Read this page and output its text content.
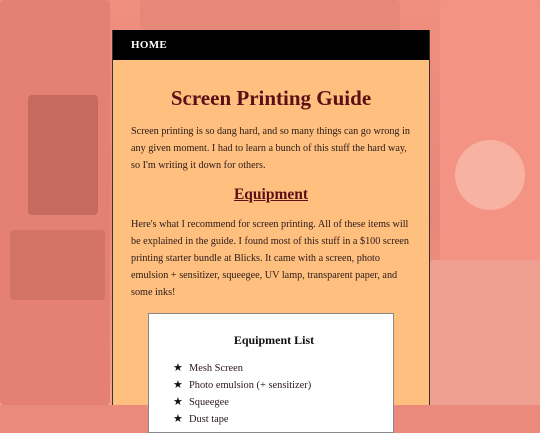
HOME
Screen Printing Guide

Screen printing is so dang hard, and so many things can go wrong in any given moment. I had to learn a bunch of this stuff the hard way, so I'm writing it down for others.

Equipment

Here's what I recommend for screen printing. All of these items will be explained in the guide. I found most of this stuff in a $100 screen printing starter bundle at Blicks. It came with a screen, photo emulsion + sensitizer, squeegee, UV lamp, transparent paper, and some inks!

Equipment List
★ Mesh Screen
★ Photo emulsion (+ sensitizer)
★ Squeegee
★ Dust tape
